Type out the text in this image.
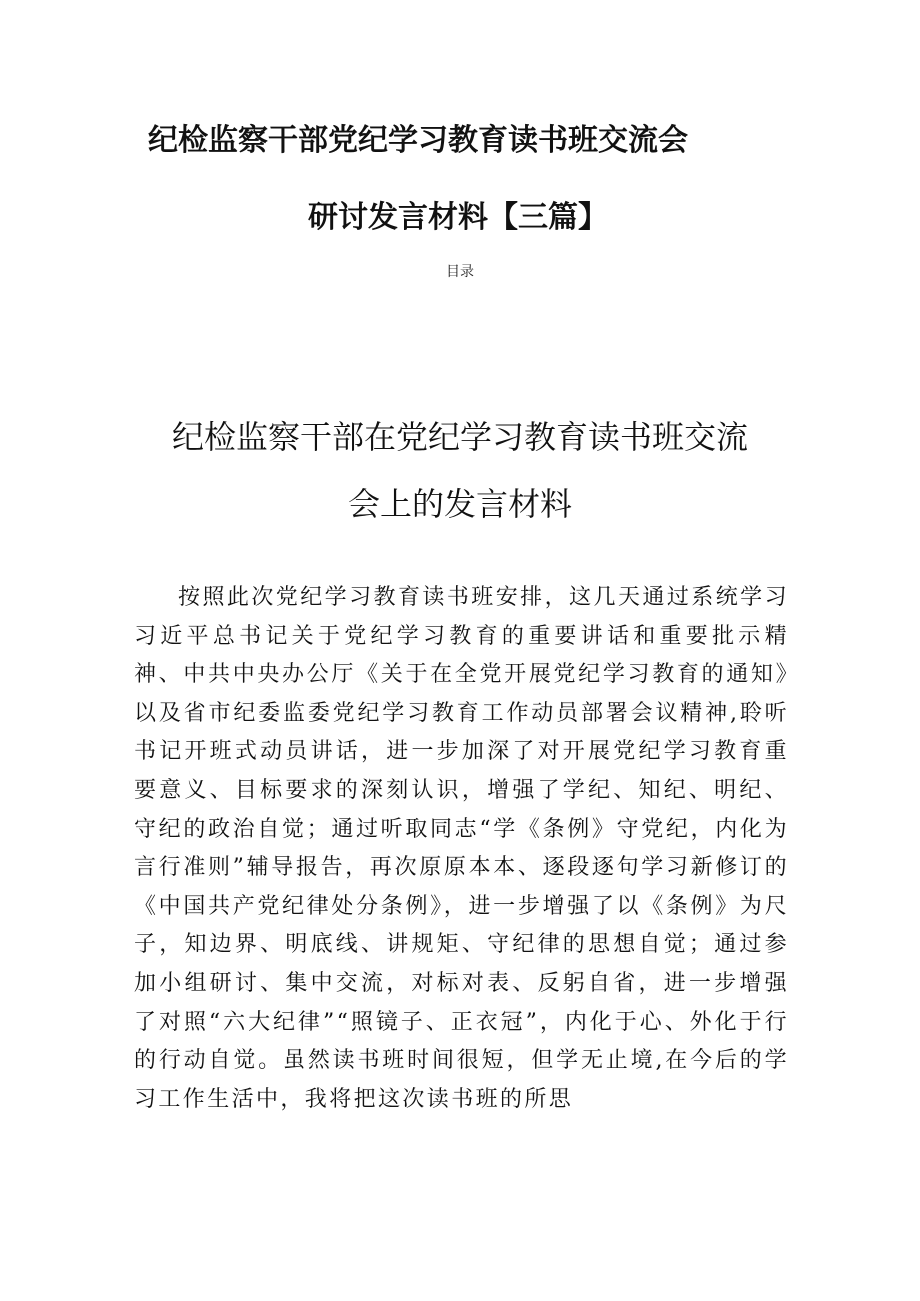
纪检监察干部党纪学习教育读书班交流会
研讨发言材料【三篇】
目录
纪检监察干部在党纪学习教育读书班交流
会上的发言材料

按照此次党纪学习教育读书班安排，这几天通过系统学习习近平总书记关于党纪学习教育的重要讲话和重要批示精神、中共中央办公厅《关于在全党开展党纪学习教育的通知》以及省市纪委监委党纪学习教育工作动员部署会议精神,聆听书记开班式动员讲话，进一步加深了对开展党纪学习教育重要意义、目标要求的深刻认识，增强了学纪、知纪、明纪、守纪的政治自觉；通过听取同志“学《条例》守党纪，内化为言行准则”辅导报告，再次原原本本、逐段逐句学习新修订的《中国共产党纪律处分条例》，进一步增强了以《条例》为尺子，知边界、明底线、讲规矩、守纪律的思想自觉；通过参加小组研讨、集中交流，对标对表、反躬自省，进一步增强了对照“六大纪律”“照镜子、正衣冠”，内化于心、外化于行的行动自觉。虽然读书班时间很短，但学无止境,在今后的学习工作生活中，我将把这次读书班的所思
